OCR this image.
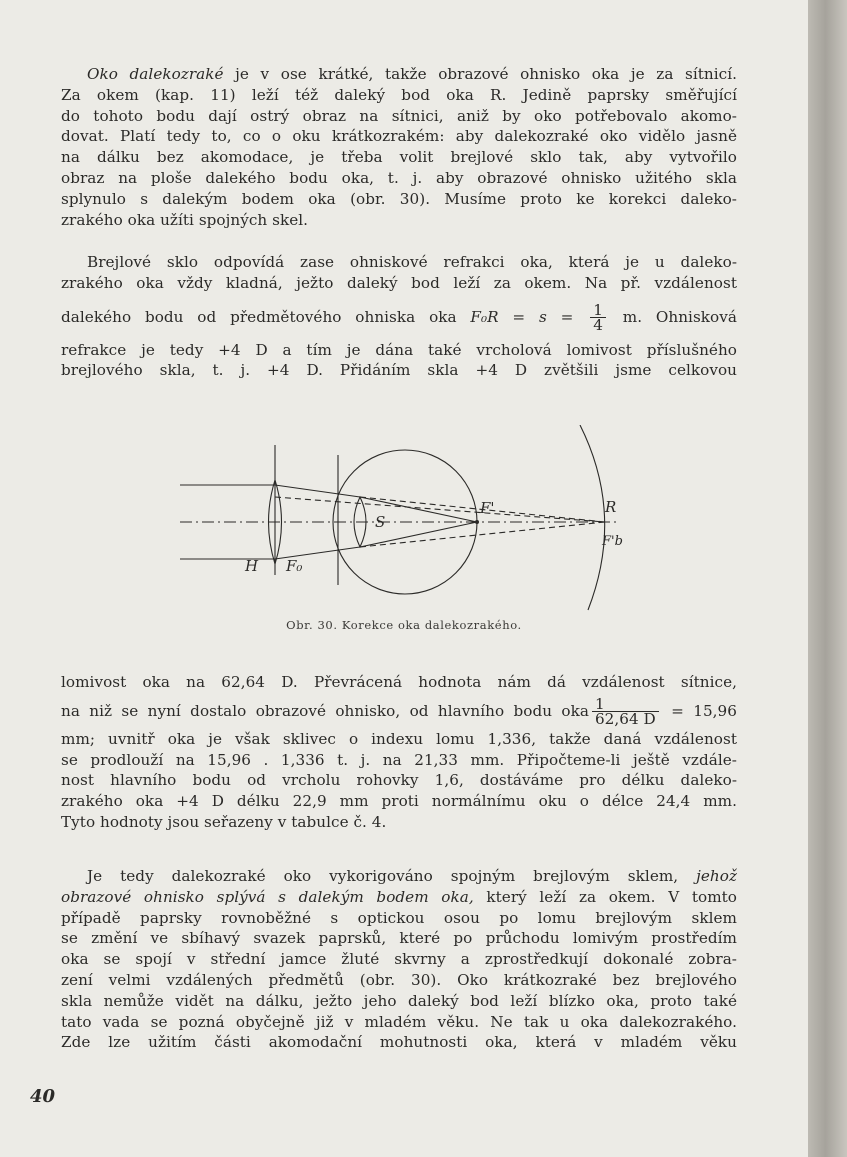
Oko dalekozraké je v ose krátké, takže obrazové ohnisko oka je za sítnicí.
Za okem (kap. 11) leží též daleký bod oka R. Jedině paprsky směřující
do tohoto bodu dají ostrý obraz na sítnici, aniž by oko potřebovalo akomo-
dovat. Platí tedy to, co o oku krátkozrakém: aby dalekozraké oko vidělo jasně
na dálku bez akomodace, je třeba volit brejlové sklo tak, aby vytvořilo
obraz na ploše dalekého bodu oka, t. j. aby obrazové ohnisko užitého skla
splynulo s dalekým bodem oka (obr. 30). Musíme proto ke korekci daleko-
zrakého oka užíti spojných skel.
Brejlové sklo odpovídá zase ohniskové refrakci oka, která je u daleko-
zrakého oka vždy kladná, ježto daleký bod leží za okem. Na př. vzdálenost
dalekého bodu od předmětového ohniska oka $F_0R = s = \frac{1}{4} m$. Ohnisková
refrakce je tedy +4 D a tím je dána také vrcholová lomivost příslušného
brejlového skla, t. j. +4 D. Přidáním skla +4 D zvětšili jsme celkovou
H F₀
S
F'	R
F'b
Obr. 30. Korekce oka dalekozrakého.
lomivost oka na 62,64 D. Převrácená hodnota nám dá vzdálenost sítnice,
na niž se nyní dostalo obrazové ohnisko, od hlavního bodu oka $\frac{1}{62,64 D} = 15,96$
mm; uvnitř oka je však sklivec o indexu lomu 1,336, takže daná vzdálenost
se prodlouží na 15,96 . 1,336 t. j. na 21,33 mm. Připočteme-li ještě vzdále-
nost hlavního bodu od vrcholu rohovky 1,6, dostáváme pro délku daleko-
zrakého oka +4 D délku 22,9 mm proti normálnímu oku o délce 24,4 mm.
Tyto hodnoty jsou seřazeny v tabulce č. 4.
Je tedy dalekozraké oko vykorigováno spojným brejlovým sklem, jehož
obrazové ohnisko splývá s dalekým bodem oka, který leží za okem. V tomto
případě paprsky rovnoběžné s optickou osou po lomu brejlovým sklem
se změní ve sbíhavý svazek paprsků, které po průchodu lomivým prostředím
oka se spojí v střední jamce žluté skvrny a zprostředkují dokonalé zobra-
zení velmi vzdálených předmětů (obr. 30). Oko krátkozraké bez brejlového
skla nemůže vidět na dálku, ježto jeho daleký bod leží blízko oka, proto také
tato vada se pozná obyčejně již v mladém věku. Ne tak u oka dalekozrakého.
Zde lze užitím části akomodační mohutnosti oka, která v mladém věku
40
